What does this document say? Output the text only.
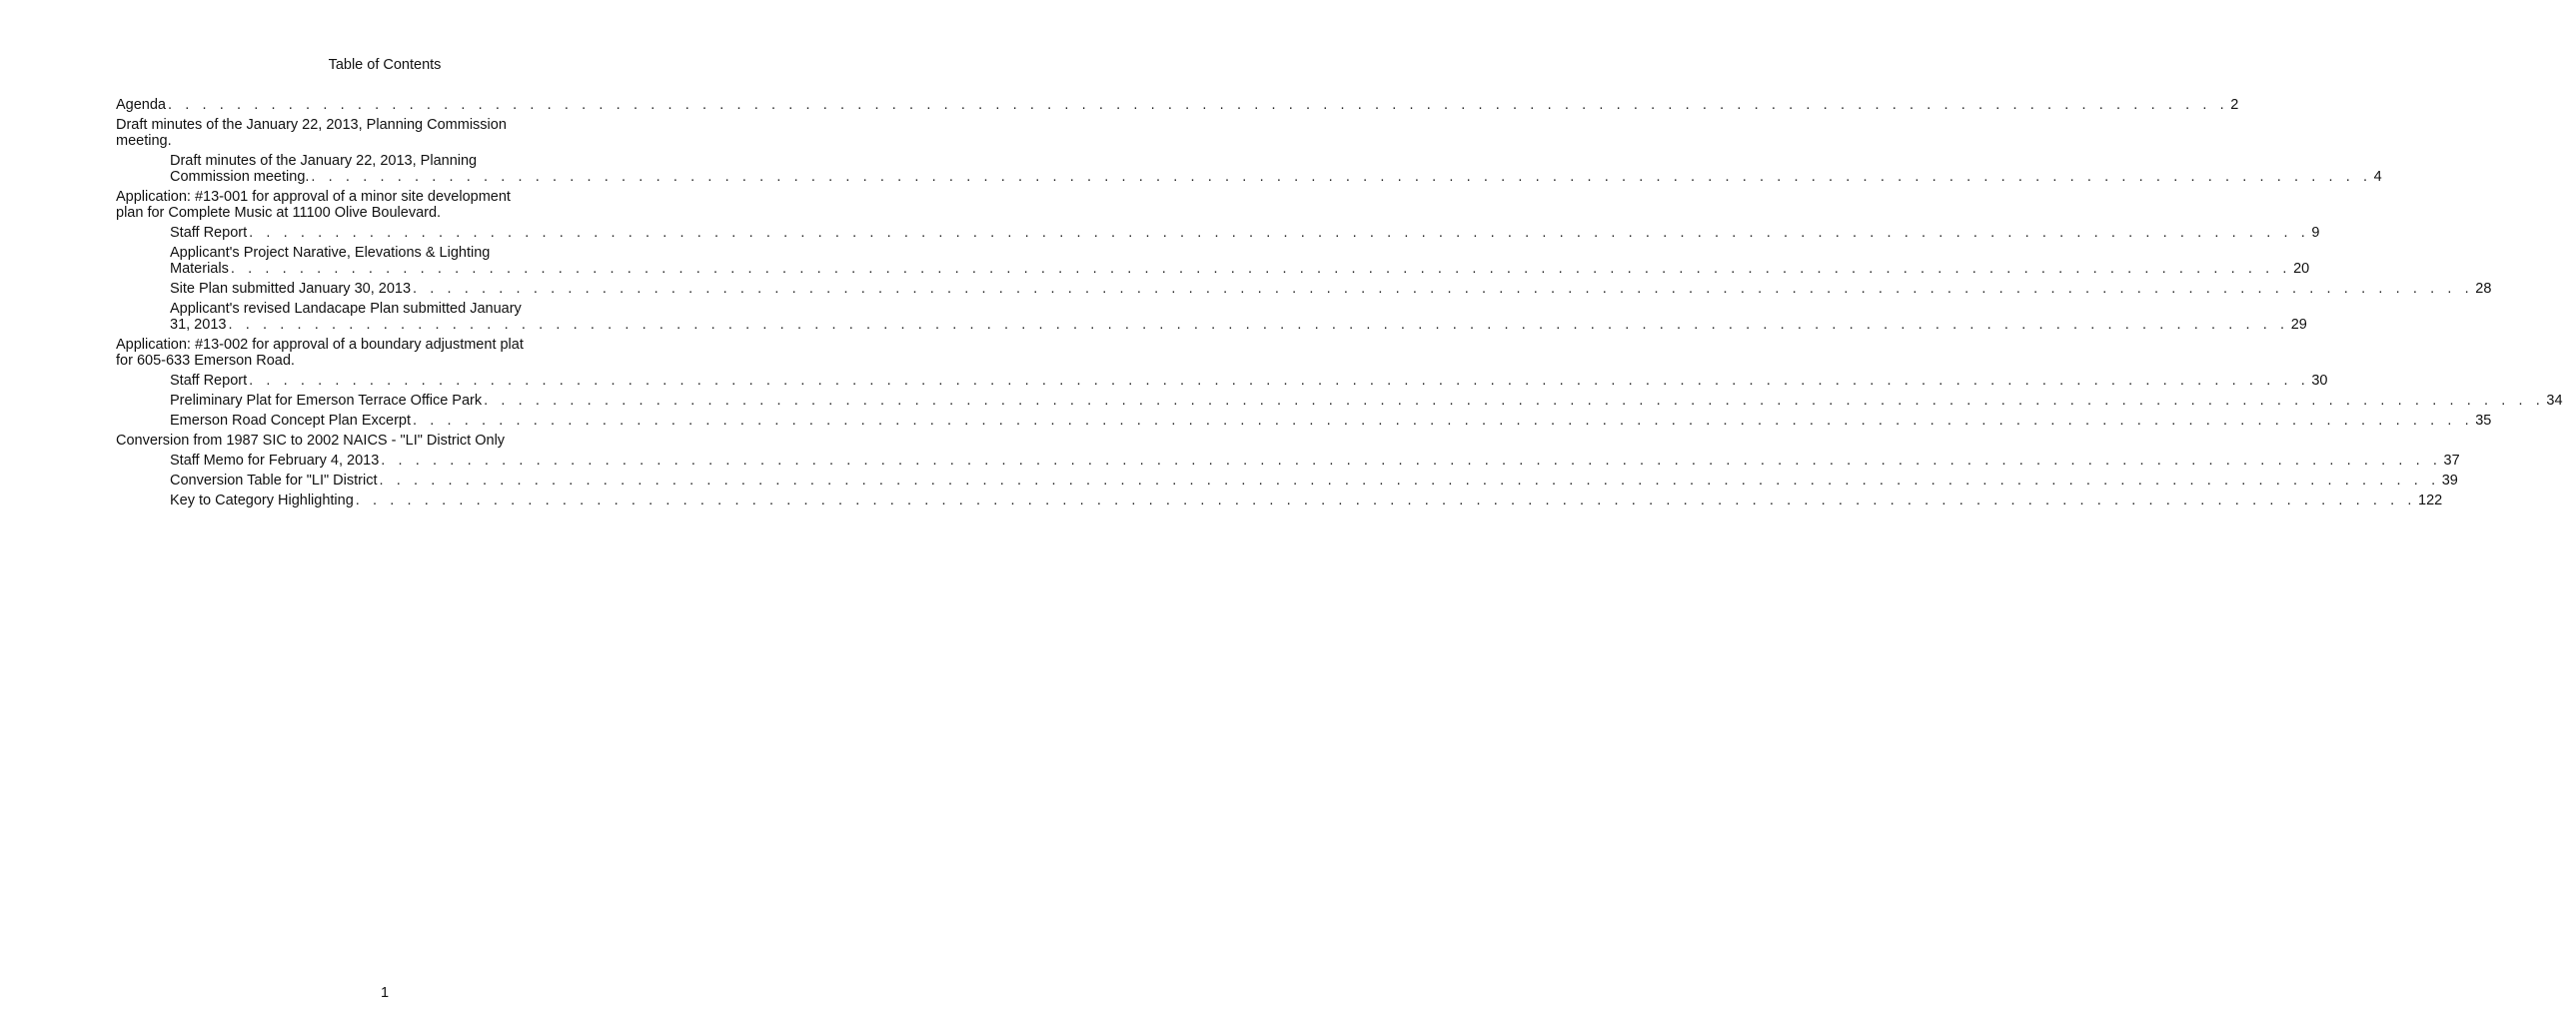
Table of Contents
Agenda . . . . . . . . . . . . . . . . . . . . . . . . . . . . . . . . . . . . . . . . . . . . . . . . . . . . . . . . . . . . . . . . . . . . . . . . . . . . . . . . . . . . . . . . . . . . . . . . . . . . . . . . . . . . . . . . . . . . . . . . 2
Draft minutes of the January 22, 2013, Planning Commission
meeting.
Draft minutes of the January 22, 2013, Planning
Commission meeting. . . . . . . . . . . . . . . . . . . . . . . . . . . . . . . . . . . . . . . . . . . . . . . . . . . . . . . . . . . . . . . . . . . . . . . . . . . . . . . . . . . . . . . . . . . . . . . . . . . . . . . . . . . . . . . . . . . . . . . . . 4
Application: #13-001 for approval of a minor site development
plan for Complete Music at 11100 Olive Boulevard.
Staff Report . . . . . . . . . . . . . . . . . . . . . . . . . . . . . . . . . . . . . . . . . . . . . . . . . . . . . . . . . . . . . . . . . . . . . . . . . . . . . . . . . . . . . . . . . . . . . . . . . . . . . . . . . . . . . . . . . . . . . . . . 9
Applicant's Project Narative, Elevations & Lighting
Materials . . . . . . . . . . . . . . . . . . . . . . . . . . . . . . . . . . . . . . . . . . . . . . . . . . . . . . . . . . . . . . . . . . . . . . . . . . . . . . . . . . . . . . . . . . . . . . . . . . . . . . . . . . . . . . . . . . . . . . . . 20
Site Plan submitted January 30, 2013 . . . . . . . . . . . . . . . . . . . . . . . . . . . . . . . . . . . . . . . . . . . . . . . . . . . . . . . . . . . . . . . . . . . . . . . . . . . . . . . . . . . . . . . . . . . . . . . . . . . . . . . . . . . . . . . . . . . . . . . . 28
Applicant's revised Landacape Plan submitted January
31, 2013 . . . . . . . . . . . . . . . . . . . . . . . . . . . . . . . . . . . . . . . . . . . . . . . . . . . . . . . . . . . . . . . . . . . . . . . . . . . . . . . . . . . . . . . . . . . . . . . . . . . . . . . . . . . . . . . . . . . . . . . . 29
Application: #13-002 for approval of a boundary adjustment plat
for 605-633 Emerson Road.
Staff Report . . . . . . . . . . . . . . . . . . . . . . . . . . . . . . . . . . . . . . . . . . . . . . . . . . . . . . . . . . . . . . . . . . . . . . . . . . . . . . . . . . . . . . . . . . . . . . . . . . . . . . . . . . . . . . . . . . . . . . . . 30
Preliminary Plat for Emerson Terrace Office Park . . . . . . . . . . . . . . . . . . . . . . . . . . . . . . . . . . . . . . . . . . . . . . . . . . . . . . . . . . . . . . . . . . . . . . . . . . . . . . . . . . . . . . . . . . . . . . . . . . . . . . . . . . . . . . . . . . . . . . . . 34
Emerson Road Concept Plan Excerpt . . . . . . . . . . . . . . . . . . . . . . . . . . . . . . . . . . . . . . . . . . . . . . . . . . . . . . . . . . . . . . . . . . . . . . . . . . . . . . . . . . . . . . . . . . . . . . . . . . . . . . . . . . . . . . . . . . . . . . . . 35
Conversion from 1987 SIC to 2002 NAICS - "LI" District Only
Staff Memo for February 4, 2013 . . . . . . . . . . . . . . . . . . . . . . . . . . . . . . . . . . . . . . . . . . . . . . . . . . . . . . . . . . . . . . . . . . . . . . . . . . . . . . . . . . . . . . . . . . . . . . . . . . . . . . . . . . . . . . . . . . . . . . . . 37
Conversion Table for "LI" District . . . . . . . . . . . . . . . . . . . . . . . . . . . . . . . . . . . . . . . . . . . . . . . . . . . . . . . . . . . . . . . . . . . . . . . . . . . . . . . . . . . . . . . . . . . . . . . . . . . . . . . . . . . . . . . . . . . . . . . . 39
Key to Category Highlighting . . . . . . . . . . . . . . . . . . . . . . . . . . . . . . . . . . . . . . . . . . . . . . . . . . . . . . . . . . . . . . . . . . . . . . . . . . . . . . . . . . . . . . . . . . . . . . . . . . . . . . . . . . . . . . . . . . . . . . . . 122
1
